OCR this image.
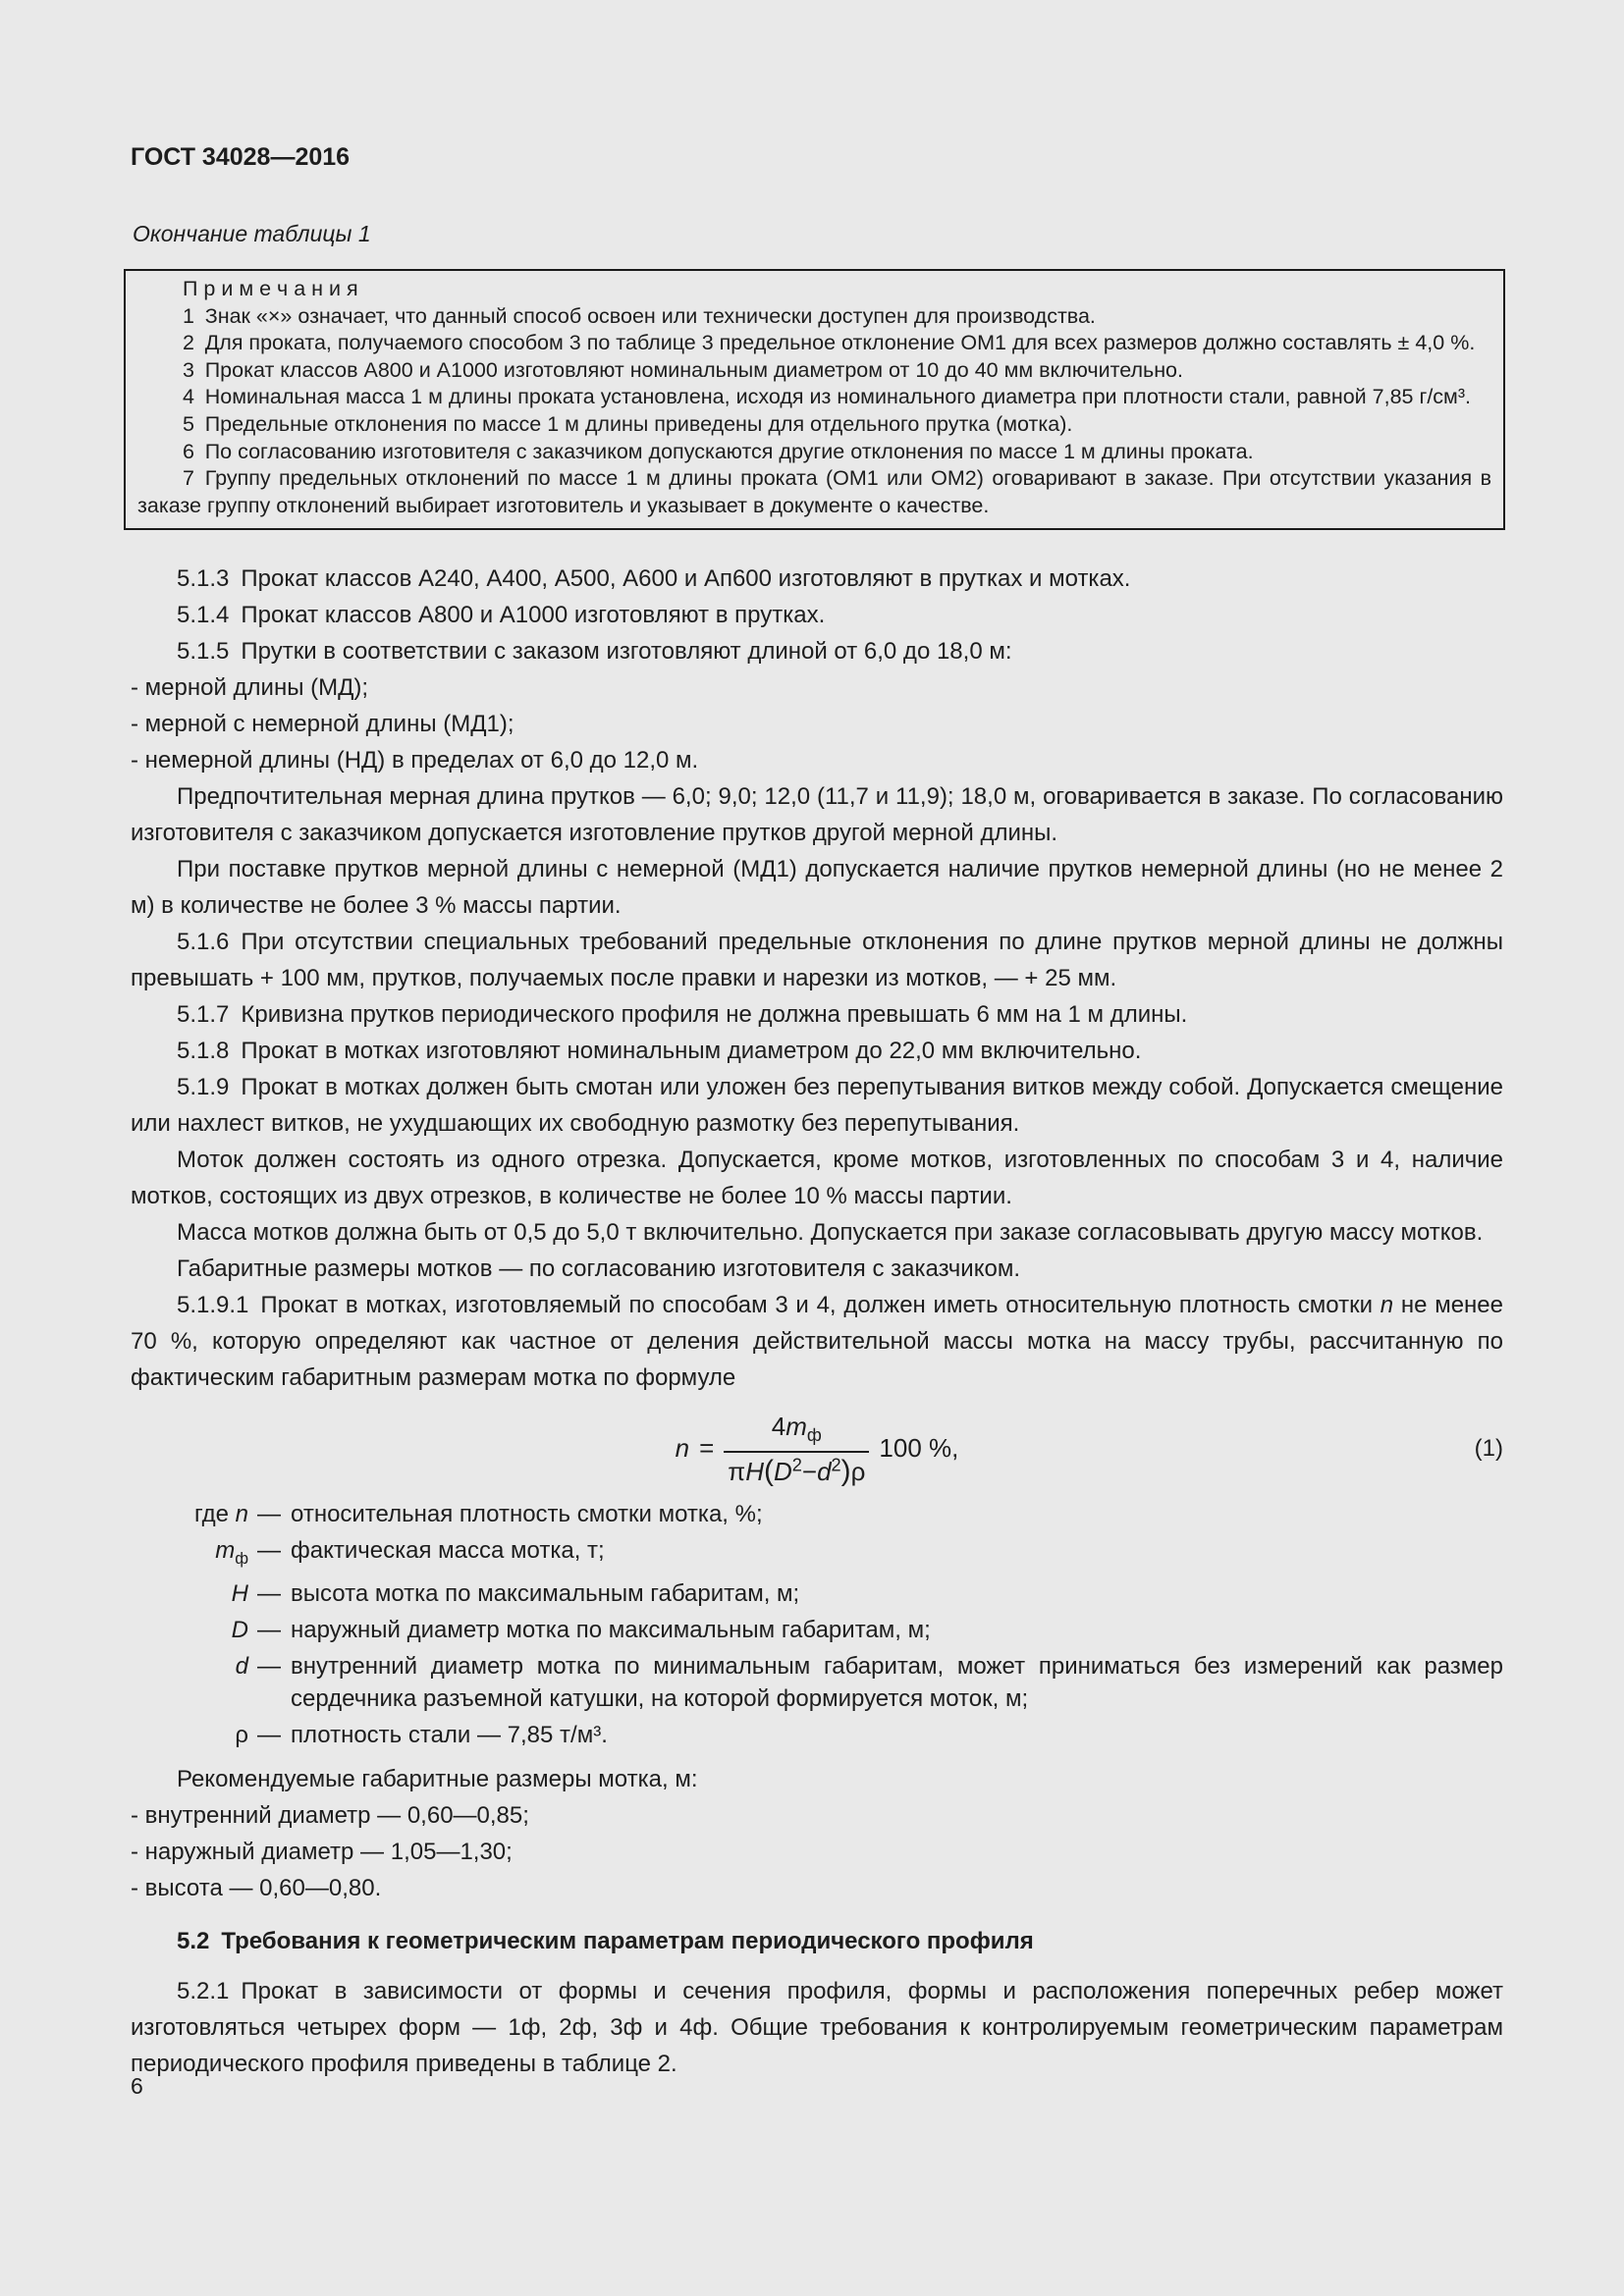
ГОСТ 34028—2016

Окончание таблицы 1

П р и м е ч а н и я

1 Знак «×» означает, что данный способ освоен или технически доступен для производства.

2 Для проката, получаемого способом 3 по таблице 3 предельное отклонение ОМ1 для всех размеров должно составлять ± 4,0 %.

3 Прокат классов А800 и А1000 изготовляют номинальным диаметром от 10 до 40 мм включительно.

4 Номинальная масса 1 м длины проката установлена, исходя из номинального диаметра при плотности стали, равной 7,85 г/см³.

5 Предельные отклонения по массе 1 м длины приведены для отдельного прутка (мотка).

6 По согласованию изготовителя с заказчиком допускаются другие отклонения по массе 1 м длины проката.

7 Группу предельных отклонений по массе 1 м длины проката (ОМ1 или ОМ2) оговаривают в заказе. При отсутствии указания в заказе группу отклонений выбирает изготовитель и указывает в документе о качестве.

5.1.3 Прокат классов А240, А400, А500, А600 и Ап600 изготовляют в прутках и мотках.

5.1.4 Прокат классов А800 и А1000 изготовляют в прутках.

5.1.5 Прутки в соответствии с заказом изготовляют длиной от 6,0 до 18,0 м:

- мерной длины (МД);

- мерной с немерной длины (МД1);

- немерной длины (НД) в пределах от 6,0 до 12,0 м.

Предпочтительная мерная длина прутков — 6,0; 9,0; 12,0 (11,7 и 11,9); 18,0 м, оговаривается в заказе. По согласованию изготовителя с заказчиком допускается изготовление прутков другой мерной длины.

При поставке прутков мерной длины с немерной (МД1) допускается наличие прутков немерной длины (но не менее 2 м) в количестве не более 3 % массы партии.

5.1.6 При отсутствии специальных требований предельные отклонения по длине прутков мерной длины не должны превышать + 100 мм, прутков, получаемых после правки и нарезки из мотков, — + 25 мм.

5.1.7 Кривизна прутков периодического профиля не должна превышать 6 мм на 1 м длины.

5.1.8 Прокат в мотках изготовляют номинальным диаметром до 22,0 мм включительно.

5.1.9 Прокат в мотках должен быть смотан или уложен без перепутывания витков между собой. Допускается смещение или нахлест витков, не ухудшающих их свободную размотку без перепутывания.

Моток должен состоять из одного отрезка. Допускается, кроме мотков, изготовленных по способам 3 и 4, наличие мотков, состоящих из двух отрезков, в количестве не более 10 % массы партии.

Масса мотков должна быть от 0,5 до 5,0 т включительно. Допускается при заказе согласовывать другую массу мотков.

Габаритные размеры мотков — по согласованию изготовителя с заказчиком.

5.1.9.1 Прокат в мотках, изготовляемый по способам 3 и 4, должен иметь относительную плотность смотки n не менее 70 %, которую определяют как частное от деления действительной массы мотка на массу трубы, рассчитанную по фактическим габаритным размерам мотка по формуле

$n = \frac{4m_ф}{\pi H(D^2-d^2)\rho} 100$ %,	(1)
где n — относительная плотность смотки мотка, %;
$m_ф$ — фактическая масса мотка, т;
H — высота мотка по максимальным габаритам, м;
D — наружный диаметр мотка по максимальным габаритам, м;
d — внутренний диаметр мотка по минимальным габаритам, может приниматься без измерений как размер сердечника разъемной катушки, на которой формируется моток, м;
ρ — плотность стали — 7,85 т/м³.

Рекомендуемые габаритные размеры мотка, м:

- внутренний диаметр — 0,60—0,85;

- наружный диаметр — 1,05—1,30;

- высота — 0,60—0,80.

5.2 Требования к геометрическим параметрам периодического профиля

5.2.1 Прокат в зависимости от формы и сечения профиля, формы и расположения поперечных ребер может изготовляться четырех форм — 1ф, 2ф, 3ф и 4ф. Общие требования к контролируемым геометрическим параметрам периодического профиля приведены в таблице 2.

6
